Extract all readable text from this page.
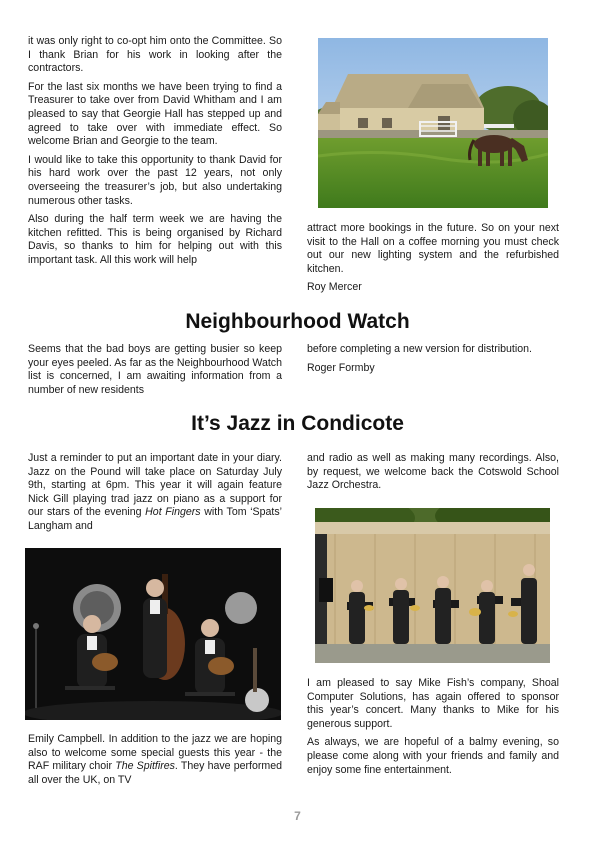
it was only right to co-opt him onto the Committee. So I thank Brian for his work in looking after the contractors.

For the last six months we have been trying to find a Treasurer to take over from David Whitham and I am pleased to say that Georgie Hall has stepped up and agreed to take over with immediate effect. So welcome Brian and Georgie to the team.

I would like to take this opportunity to thank David for his hard work over the past 12 years, not only overseeing the treasurer’s job, but also undertaking numerous other tasks.

Also during the half term week we are having the kitchen refitted. This is being organised by Richard Davis, so thanks to him for helping out with this important task. All this work will help

attract more bookings in the future. So on your next visit to the Hall on a coffee morning you must check out our new lighting system and the refurbished kitchen.

Roy Mercer

Neighbourhood Watch

Seems that the bad boys are getting busier so keep your eyes peeled. As far as the Neighbourhood Watch list is concerned, I am awaiting information from a number of new residents

before completing a new version for distribution.

Roger Formby

It’s Jazz in Condicote

Just a reminder to put an important date in your diary. Jazz on the Pound will take place on Saturday July 9th, starting at 6pm. This year it will again feature Nick Gill playing trad jazz on piano as a support for our stars of the evening Hot Fingers with Tom ‘Spats’ Langham and

Emily Campbell. In addition to the jazz we are hoping also to welcome some special guests this year - the RAF military choir The Spitfires. They have performed all over the UK, on TV

and radio as well as making many recordings. Also, by request, we welcome back the Cotswold School Jazz Orchestra.

I am pleased to say Mike Fish’s company, Shoal Computer Solutions, has again offered to sponsor this year’s concert. Many thanks to Mike for his generous support.

As always, we are hopeful of a balmy evening, so please come along with your friends and family and enjoy some fine entertainment.

7
